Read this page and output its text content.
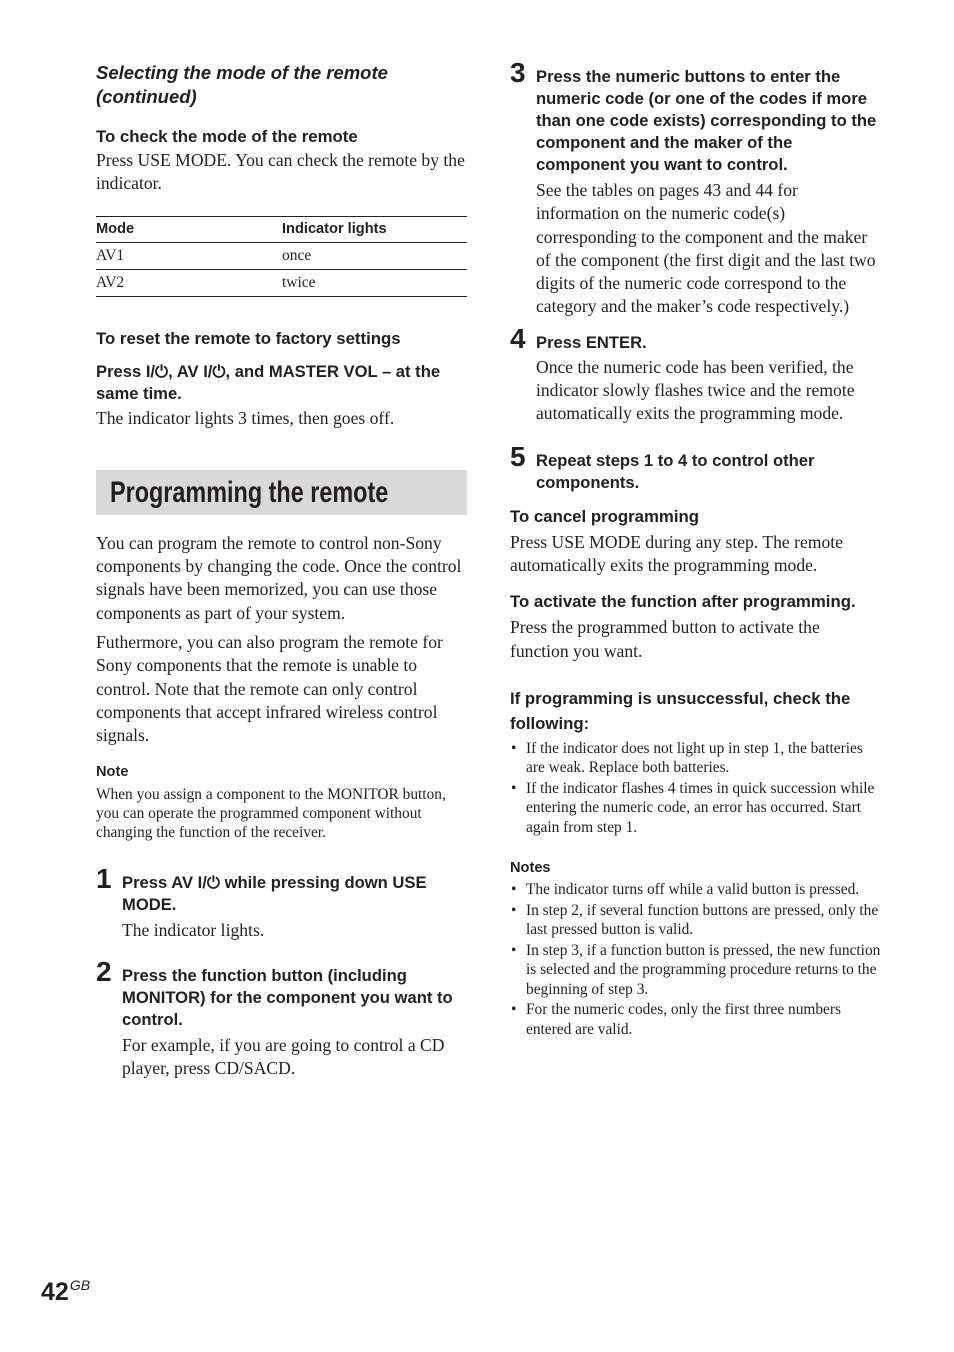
Selecting the mode of the remote (continued)

To check the mode of the remote

Press USE MODE. You can check the remote by the indicator.

Mode	Indicator lights
AV1	once
AV2	twice

To reset the remote to factory settings

Press I/⏻, AV I/⏻, and MASTER VOL – at the same time.

The indicator lights 3 times, then goes off.

Programming the remote

You can program the remote to control non-Sony components by changing the code. Once the control signals have been memorized, you can use those components as part of your system.

Futhermore, you can also program the remote for Sony components that the remote is unable to control. Note that the remote can only control components that accept infrared wireless control signals.

Note

When you assign a component to the MONITOR button, you can operate the programmed component without changing the function of the receiver.

1 Press AV I/⏻ while pressing down USE MODE.

The indicator lights.

2 Press the function button (including MONITOR) for the component you want to control.

For example, if you are going to control a CD player, press CD/SACD.

3 Press the numeric buttons to enter the numeric code (or one of the codes if more than one code exists) corresponding to the component and the maker of the component you want to control.

See the tables on pages 43 and 44 for information on the numeric code(s) corresponding to the component and the maker of the component (the first digit and the last two digits of the numeric code correspond to the category and the maker’s code respectively.)

4 Press ENTER.

Once the numeric code has been verified, the indicator slowly flashes twice and the remote automatically exits the programming mode.

5 Repeat steps 1 to 4 to control other components.

To cancel programming

Press USE MODE during any step. The remote automatically exits the programming mode.

To activate the function after programming.

Press the programmed button to activate the function you want.

If programming is unsuccessful, check the following:

• If the indicator does not light up in step 1, the batteries are weak. Replace both batteries.
• If the indicator flashes 4 times in quick succession while entering the numeric code, an error has occurred. Start again from step 1.

Notes

• The indicator turns off while a valid button is pressed.
• In step 2, if several function buttons are pressed, only the last pressed button is valid.
• In step 3, if a function button is pressed, the new function is selected and the programming procedure returns to the beginning of step 3.
• For the numeric codes, only the first three numbers entered are valid.
$42^{GB}$
